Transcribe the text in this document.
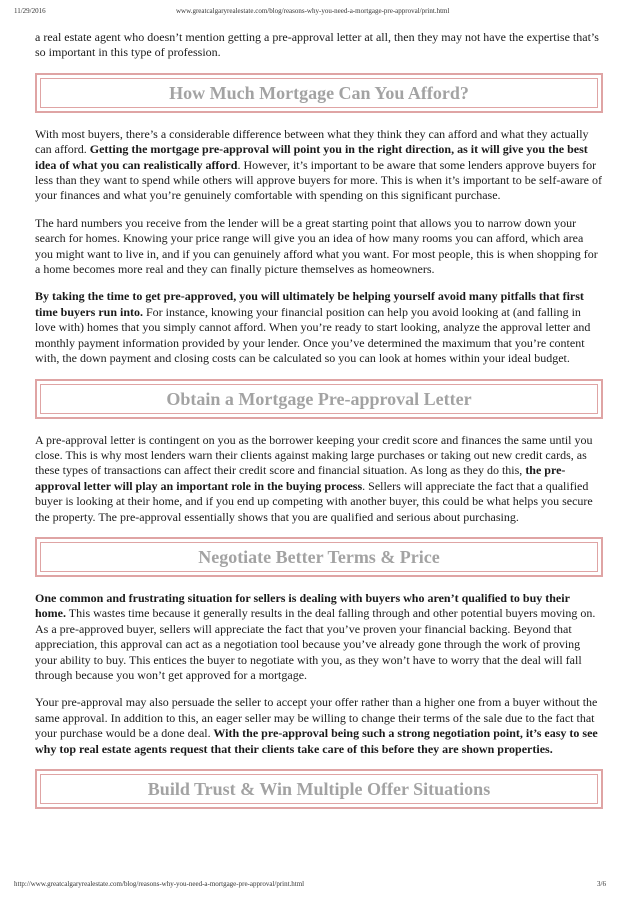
11/29/2016	www.greatcalgaryrealestate.com/blog/reasons-why-you-need-a-mortgage-pre-approval/print.html

a real estate agent who doesn’t mention getting a pre-approval letter at all, then they may not have the expertise that’s so important in this type of profession.

How Much Mortgage Can You Afford?

With most buyers, there’s a considerable difference between what they think they can afford and what they actually can afford. Getting the mortgage pre-approval will point you in the right direction, as it will give you the best idea of what you can realistically afford. However, it’s important to be aware that some lenders approve buyers for less than they want to spend while others will approve buyers for more. This is when it’s important to be self-aware of your finances and what you’re genuinely comfortable with spending on this significant purchase.

The hard numbers you receive from the lender will be a great starting point that allows you to narrow down your search for homes. Knowing your price range will give you an idea of how many rooms you can afford, which area you might want to live in, and if you can genuinely afford what you want. For most people, this is when shopping for a home becomes more real and they can finally picture themselves as homeowners.

By taking the time to get pre-approved, you will ultimately be helping yourself avoid many pitfalls that first time buyers run into. For instance, knowing your financial position can help you avoid looking at (and falling in love with) homes that you simply cannot afford. When you’re ready to start looking, analyze the approval letter and monthly payment information provided by your lender. Once you’ve determined the maximum that you’re content with, the down payment and closing costs can be calculated so you can look at homes within your ideal budget.

Obtain a Mortgage Pre-approval Letter

A pre-approval letter is contingent on you as the borrower keeping your credit score and finances the same until you close. This is why most lenders warn their clients against making large purchases or taking out new credit cards, as these types of transactions can affect their credit score and financial situation. As long as they do this, the pre-approval letter will play an important role in the buying process. Sellers will appreciate the fact that a qualified buyer is looking at their home, and if you end up competing with another buyer, this could be what helps you secure the property. The pre-approval essentially shows that you are qualified and serious about purchasing.

Negotiate Better Terms & Price

One common and frustrating situation for sellers is dealing with buyers who aren’t qualified to buy their home. This wastes time because it generally results in the deal falling through and other potential buyers moving on. As a pre-approved buyer, sellers will appreciate the fact that you’ve proven your financial backing. Beyond that appreciation, this approval can act as a negotiation tool because you’ve already gone through the work of proving your ability to buy. This entices the buyer to negotiate with you, as they won’t have to worry that the deal will fall through because you won’t get approved for a mortgage.

Your pre-approval may also persuade the seller to accept your offer rather than a higher one from a buyer without the same approval. In addition to this, an eager seller may be willing to change their terms of the sale due to the fact that your purchase would be a done deal. With the pre-approval being such a strong negotiation point, it’s easy to see why top real estate agents request that their clients take care of this before they are shown properties.

Build Trust & Win Multiple Offer Situations
http://www.greatcalgaryrealestate.com/blog/reasons-why-you-need-a-mortgage-pre-approval/print.html	3/6
